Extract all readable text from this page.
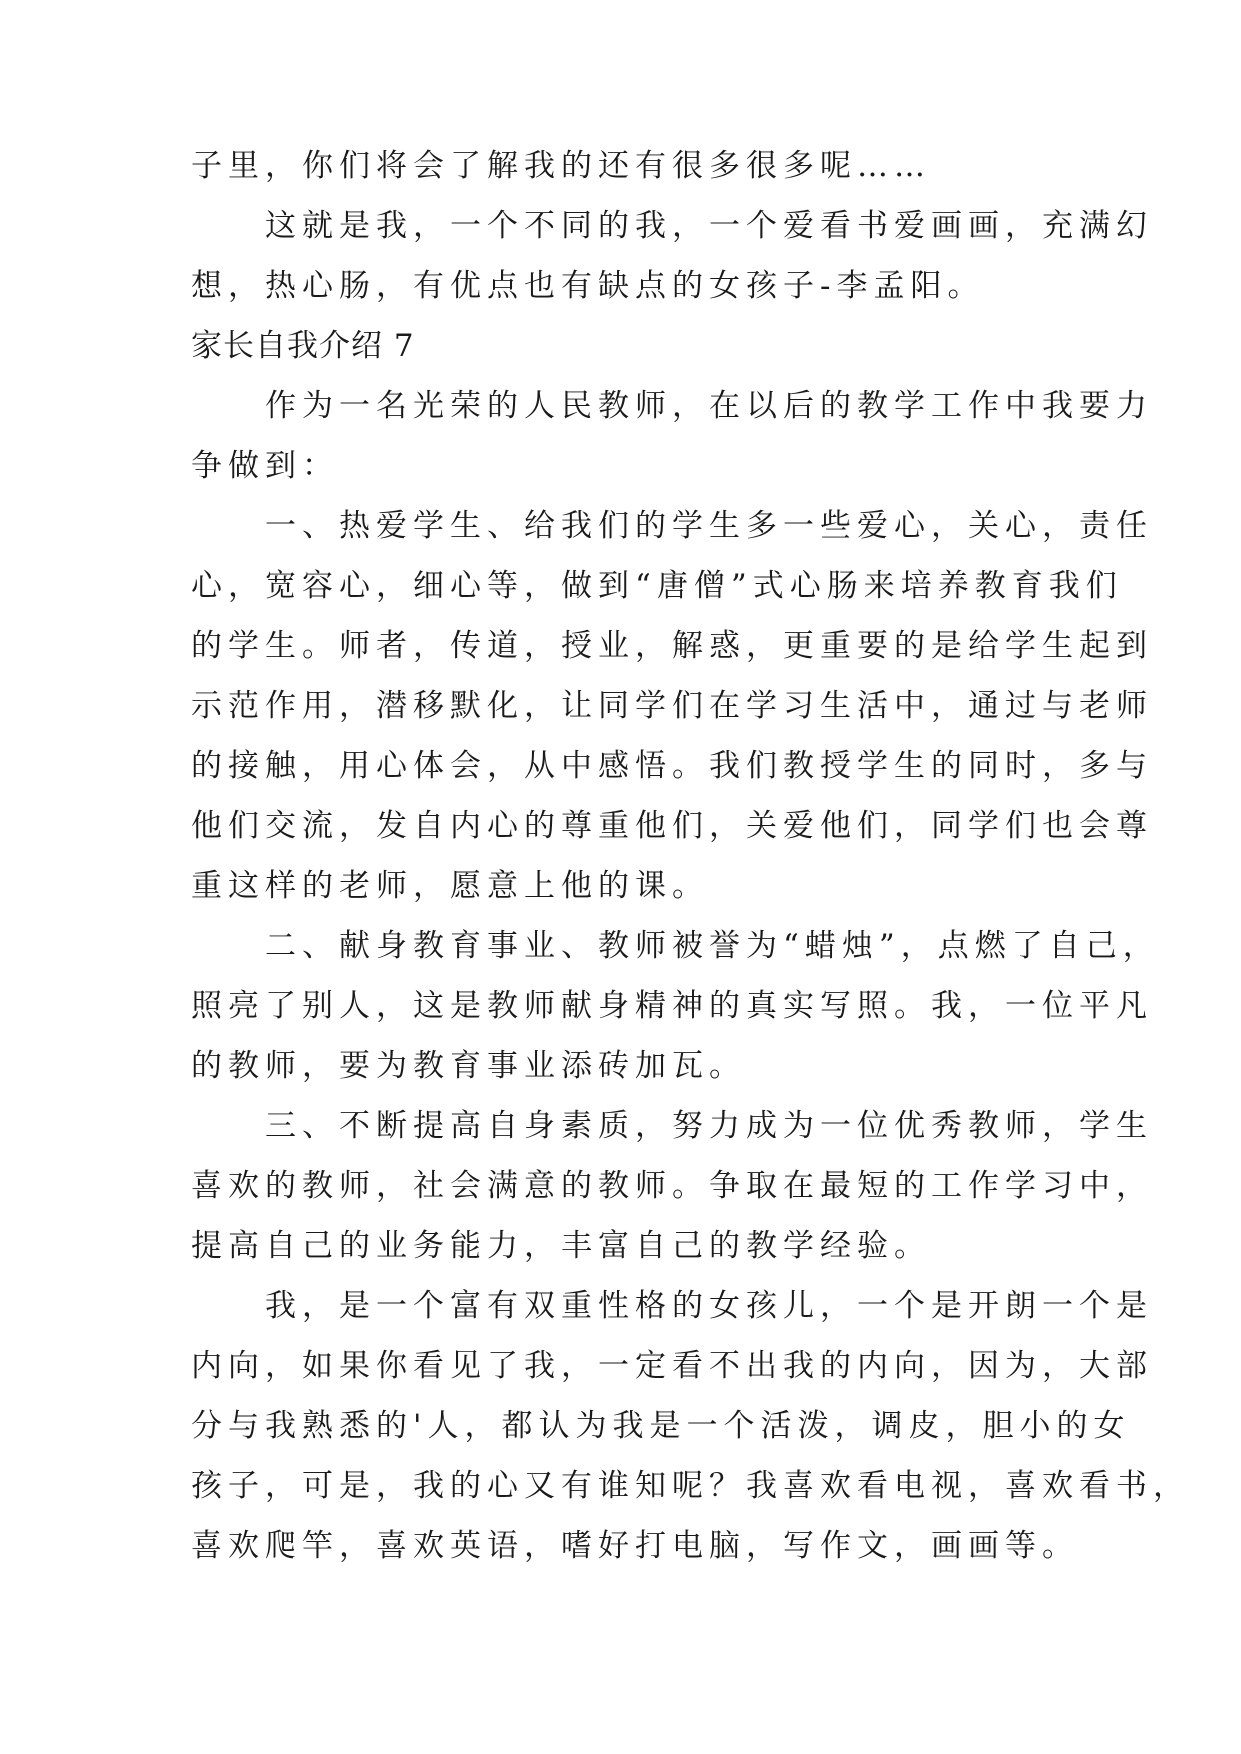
子里，你们将会了解我的还有很多很多呢……
　　这就是我，一个不同的我，一个爱看书爱画画，充满幻
想，热心肠，有优点也有缺点的女孩子-李孟阳。
家长自我介绍 7
　　作为一名光荣的人民教师，在以后的教学工作中我要力
争做到：
　　一、热爱学生、给我们的学生多一些爱心，关心，责任
心，宽容心，细心等，做到“唐僧”式心肠来培养教育我们
的学生。师者，传道，授业，解惑，更重要的是给学生起到
示范作用，潜移默化，让同学们在学习生活中，通过与老师
的接触，用心体会，从中感悟。我们教授学生的同时，多与
他们交流，发自内心的尊重他们，关爱他们，同学们也会尊
重这样的老师，愿意上他的课。
　　二、献身教育事业、教师被誉为“蜡烛”，点燃了自己，
照亮了别人，这是教师献身精神的真实写照。我，一位平凡
的教师，要为教育事业添砖加瓦。
　　三、不断提高自身素质，努力成为一位优秀教师，学生
喜欢的教师，社会满意的教师。争取在最短的工作学习中，
提高自己的业务能力，丰富自己的教学经验。
　　我，是一个富有双重性格的女孩儿，一个是开朗一个是
内向，如果你看见了我，一定看不出我的内向，因为，大部
分与我熟悉的'人，都认为我是一个活泼，调皮，胆小的女
孩子，可是，我的心又有谁知呢？我喜欢看电视，喜欢看书，
喜欢爬竿，喜欢英语，嗜好打电脑，写作文，画画等。
